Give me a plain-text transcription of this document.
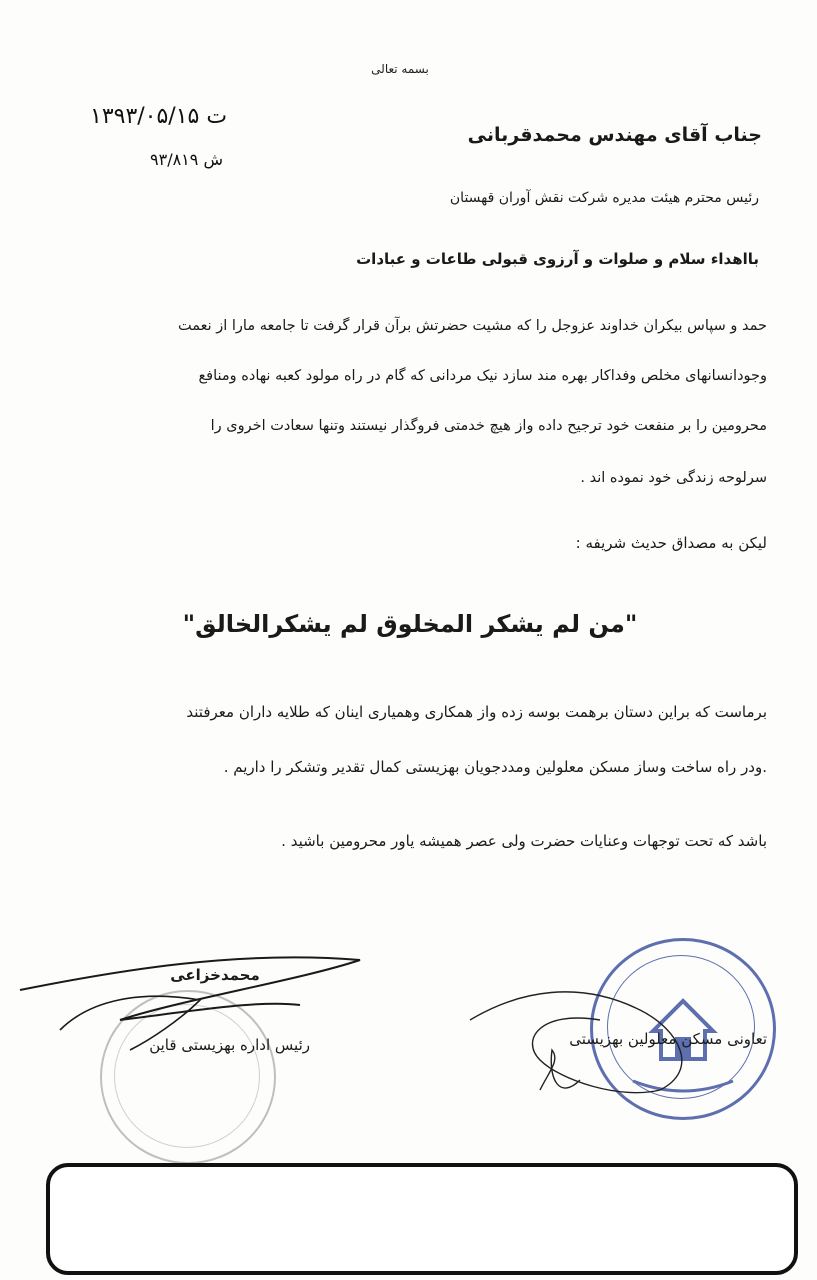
بسمه تعالی
ت ۱۳۹۳/۰۵/۱۵
ش ۹۳/۸۱۹
جناب آقای مهندس محمدقربانی
رئیس محترم هیئت مدیره شرکت نقش آوران قهستان
بااهداء سلام و صلوات و آرزوی قبولی طاعات و عبادات
حمد و سپاس بیکران خداوند عزوجل را که مشیت حضرتش برآن قرار گرفت تا جامعه مارا از نعمت
وجودانسانهای مخلص وفداکار بهره مند سازد نیک مردانی که گام در راه مولود کعبه نهاده ومنافع
محرومین را بر منفعت خود ترجیح داده واز هیچ خدمتی فروگذار نیستند وتنها سعادت اخروی را
سرلوحه زندگی خود نموده اند .
لیکن به مصداق حدیث شریفه :
"من لم یشکر المخلوق لم یشکرالخالق"
برماست که براین دستان برهمت بوسه زده واز همکاری وهمیاری اینان که طلایه داران معرفتند
.ودر راه ساخت وساز مسکن معلولین ومددجویان بهزیستی کمال تقدیر وتشکر را داریم .
باشد که تحت توجهات وعنایات حضرت ولی عصر همیشه یاور محرومین باشید .
محمدخزاعی
رئیس اداره بهزیستی قاین	تعاونی مسکن معلولین بهزیستی
